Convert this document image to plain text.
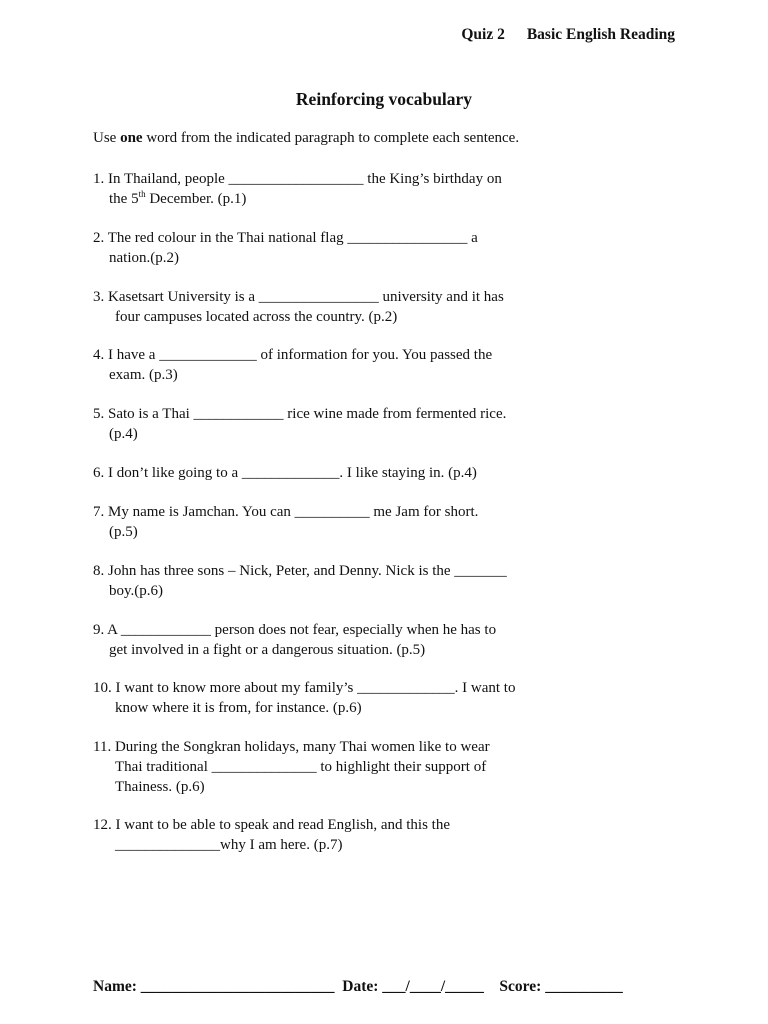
Quiz 2 Basic English Reading
Reinforcing vocabulary
Use one word from the indicated paragraph to complete each sentence.
1. In Thailand, people __________________ the King’s birthday on
the 5th December. (p.1)
2. The red colour in the Thai national flag ________________ a
nation.(p.2)
3. Kasetsart University is a ________________ university and it has
four campuses located across the country. (p.2)
4. I have a _____________ of information for you. You passed the
exam. (p.3)
5. Sato is a Thai ____________ rice wine made from fermented rice.
(p.4)
6. I don’t like going to a _____________. I like staying in. (p.4)
7. My name is Jamchan. You can __________ me Jam for short.
(p.5)
8. John has three sons – Nick, Peter, and Denny. Nick is the _______
boy.(p.6)
9. A ____________ person does not fear, especially when he has to
get involved in a fight or a dangerous situation. (p.5)
10. I want to know more about my family’s _____________. I want to
know where it is from, for instance. (p.6)
11. During the Songkran holidays, many Thai women like to wear
Thai traditional ______________ to highlight their support of
Thainess. (p.6)
12. I want to be able to speak and read English, and this the
______________why I am here. (p.7)
Name: _________________________ Date: ___/____/_____ Score: __________
